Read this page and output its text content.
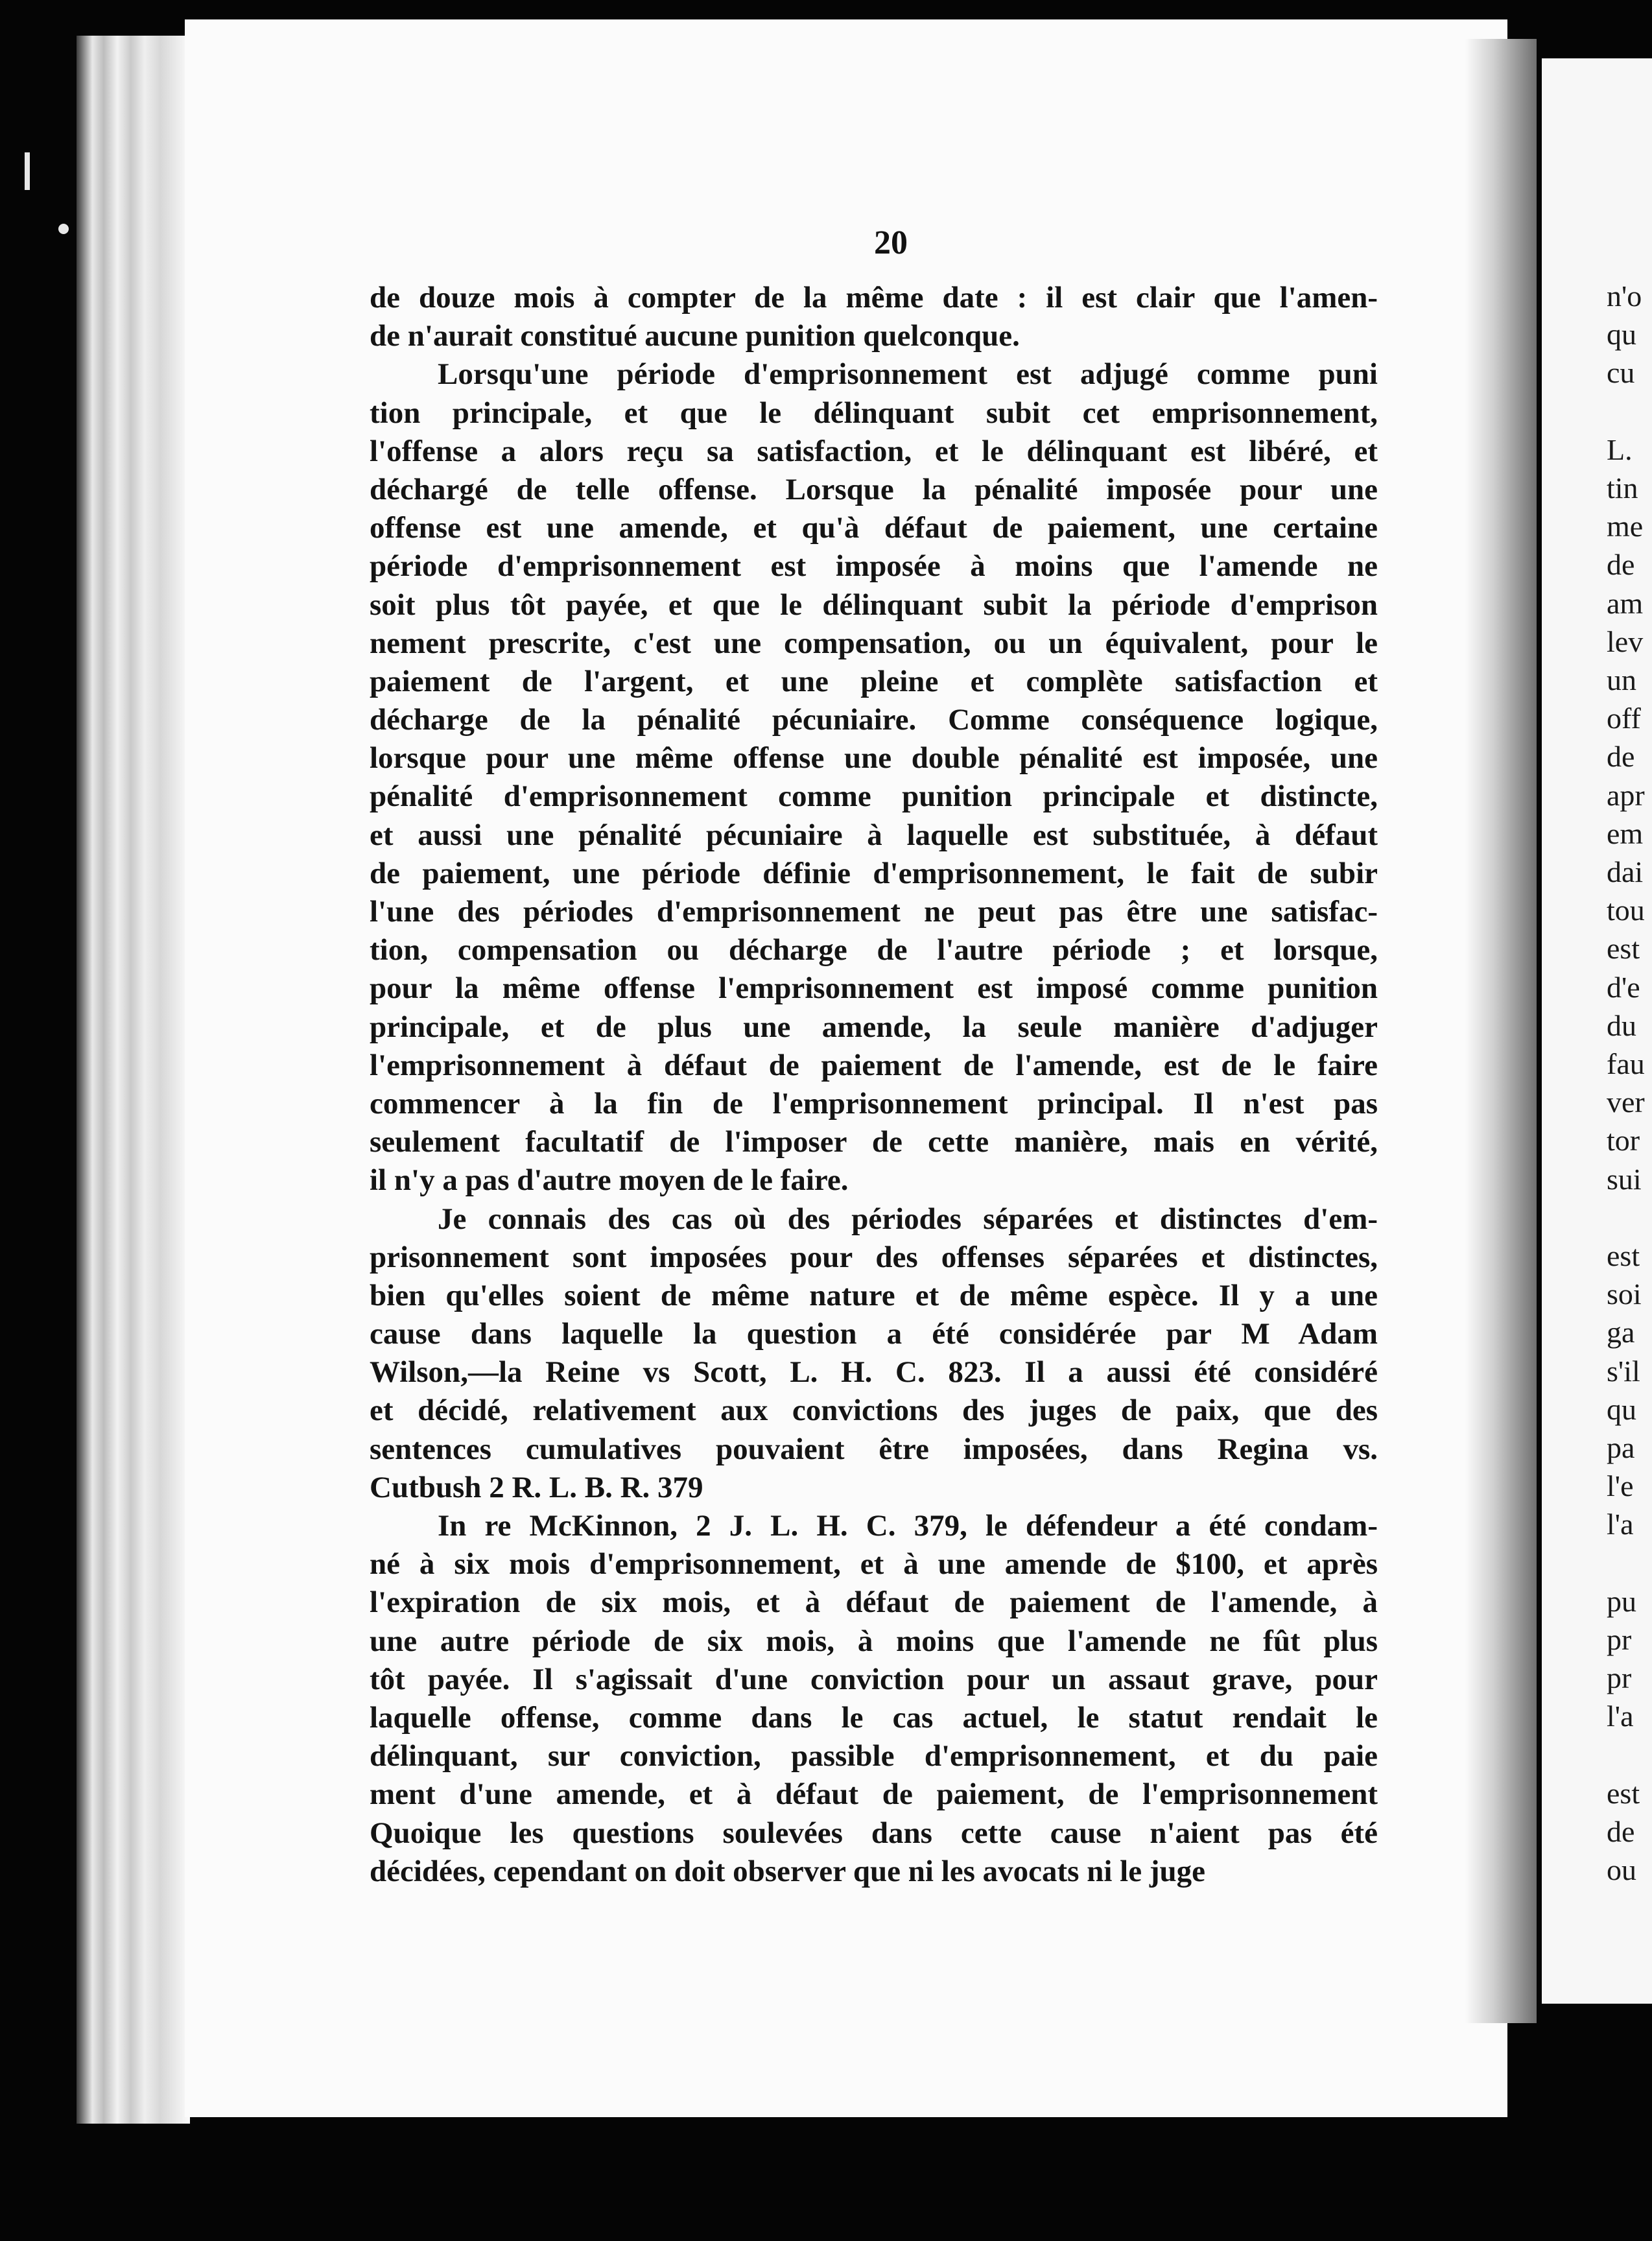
n'o
qu
cu
L.
tin
me
de
am
lev
un
off
de
apr
em
dai
tou
est
d'e
du
fau
ver
tor
sui
est
soi
ga
s'il
qu
pa
l'e
l'a
pu
pr
pr
l'a
est
de
ou
20
de douze mois à compter de la même date : il est clair que l'amen-
de n'aurait constitué aucune punition quelconque.
Lorsqu'une période d'emprisonnement est adjugé comme puni
tion principale, et que le délinquant subit cet emprisonnement,
l'offense a alors reçu sa satisfaction, et le délinquant est libéré, et
déchargé de telle offense. Lorsque la pénalité imposée pour une
offense est une amende, et qu'à défaut de paiement, une certaine
période d'emprisonnement est imposée à moins que l'amende ne
soit plus tôt payée, et que le délinquant subit la période d'emprison
nement prescrite, c'est une compensation, ou un équivalent, pour le
paiement de l'argent, et une pleine et complète satisfaction et
décharge de la pénalité pécuniaire. Comme conséquence logique,
lorsque pour une même offense une double pénalité est imposée, une
pénalité d'emprisonnement comme punition principale et distincte,
et aussi une pénalité pécuniaire à laquelle est substituée, à défaut
de paiement, une période définie d'emprisonnement, le fait de subir
l'une des périodes d'emprisonnement ne peut pas être une satisfac-
tion, compensation ou décharge de l'autre période ; et lorsque,
pour la même offense l'emprisonnement est imposé comme punition
principale, et de plus une amende, la seule manière d'adjuger
l'emprisonnement à défaut de paiement de l'amende, est de le faire
commencer à la fin de l'emprisonnement principal. Il n'est pas
seulement facultatif de l'imposer de cette manière, mais en vérité,
il n'y a pas d'autre moyen de le faire.
Je connais des cas où des périodes séparées et distinctes d'em-
prisonnement sont imposées pour des offenses séparées et distinctes,
bien qu'elles soient de même nature et de même espèce. Il y a une
cause dans laquelle la question a été considérée par M Adam
Wilson,—la Reine vs Scott, L. H. C. 823. Il a aussi été considéré
et décidé, relativement aux convictions des juges de paix, que des
sentences cumulatives pouvaient être imposées, dans Regina vs.
Cutbush 2 R. L. B. R. 379
In re McKinnon, 2 J. L. H. C. 379, le défendeur a été condam-
né à six mois d'emprisonnement, et à une amende de $100, et après
l'expiration de six mois, et à défaut de paiement de l'amende, à
une autre période de six mois, à moins que l'amende ne fût plus
tôt payée. Il s'agissait d'une conviction pour un assaut grave, pour
laquelle offense, comme dans le cas actuel, le statut rendait le
délinquant, sur conviction, passible d'emprisonnement, et du paie
ment d'une amende, et à défaut de paiement, de l'emprisonnement
Quoique les questions soulevées dans cette cause n'aient pas été
décidées, cependant on doit observer que ni les avocats ni le juge
